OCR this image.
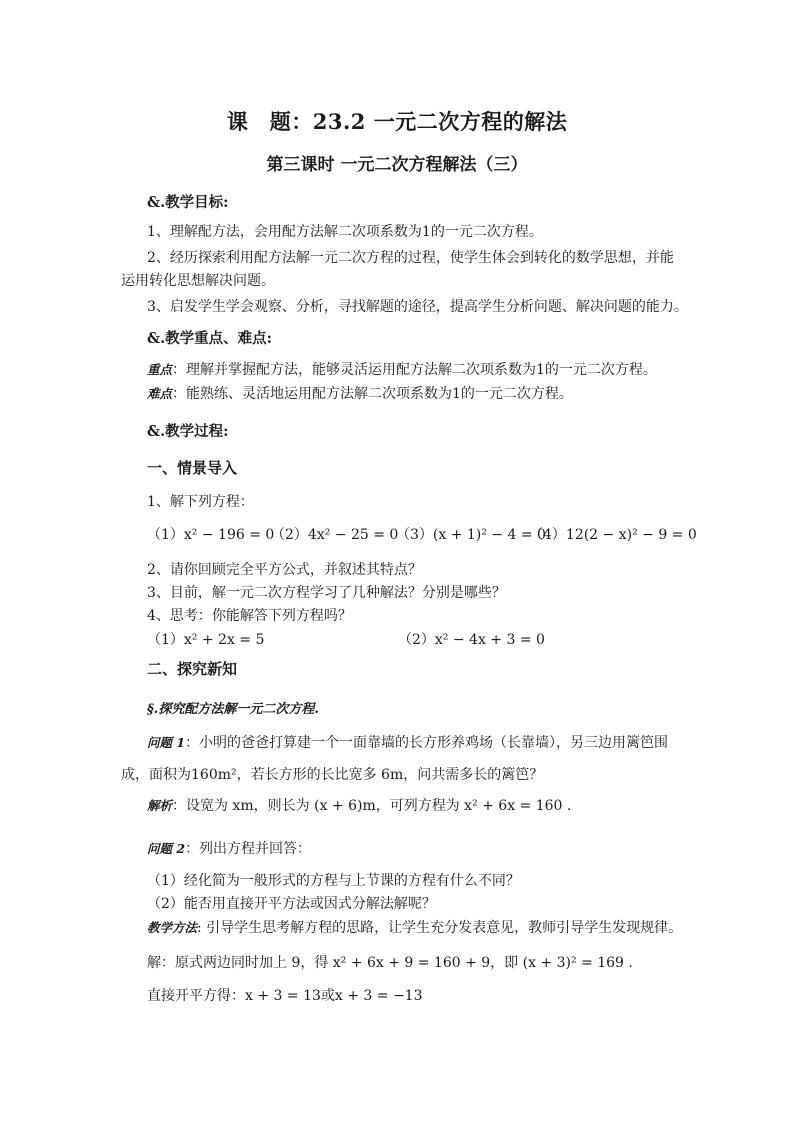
课　题：23.2 一元二次方程的解法
第三课时 一元二次方程解法（三）
&.教学目标:
1、理解配方法，会用配方法解二次项系数为1的一元二次方程。
2、经历探索利用配方法解一元二次方程的过程，使学生体会到转化的数学思想，并能
运用转化思想解决问题。
3、启发学生学会观察、分析，寻找解题的途径，提高学生分析问题、解决问题的能力。
&.教学重点、难点:
重点：理解并掌握配方法，能够灵活运用配方法解二次项系数为1的一元二次方程。
难点：能熟练、灵活地运用配方法解二次项系数为1的一元二次方程。
&.教学过程:
一、情景导入
1、解下列方程：
（1）x² − 196 = 0
（2）4x² − 25 = 0
（3）(x + 1)² − 4 = 0
（4）12(2 − x)² − 9 = 0
2、请你回顾完全平方公式，并叙述其特点？
3、目前，解一元二次方程学习了几种解法？分别是哪些？
4、思考：你能解答下列方程吗？
（1）x² + 2x = 5	（2）x² − 4x + 3 = 0
二、探究新知
§.探究配方法解一元二次方程.
问题 1：小明的爸爸打算建一个一面靠墙的长方形养鸡场（长靠墙），另三边用篱笆围
成，面积为160m²，若长方形的长比宽多 6m，问共需多长的篱笆？
解析：设宽为 xm，则长为 (x + 6)m，可列方程为 x² + 6x = 160 .
问题 2：列出方程并回答：
（1）经化简为一般形式的方程与上节课的方程有什么不同？
（2）能否用直接开平方法或因式分解法解呢？
教学方法: 引导学生思考解方程的思路，让学生充分发表意见，教师引导学生发现规律。
解：原式两边同时加上 9，得 x² + 6x + 9 = 160 + 9，即 (x + 3)² = 169 .
直接开平方得：x + 3 = 13或x + 3 = −13
